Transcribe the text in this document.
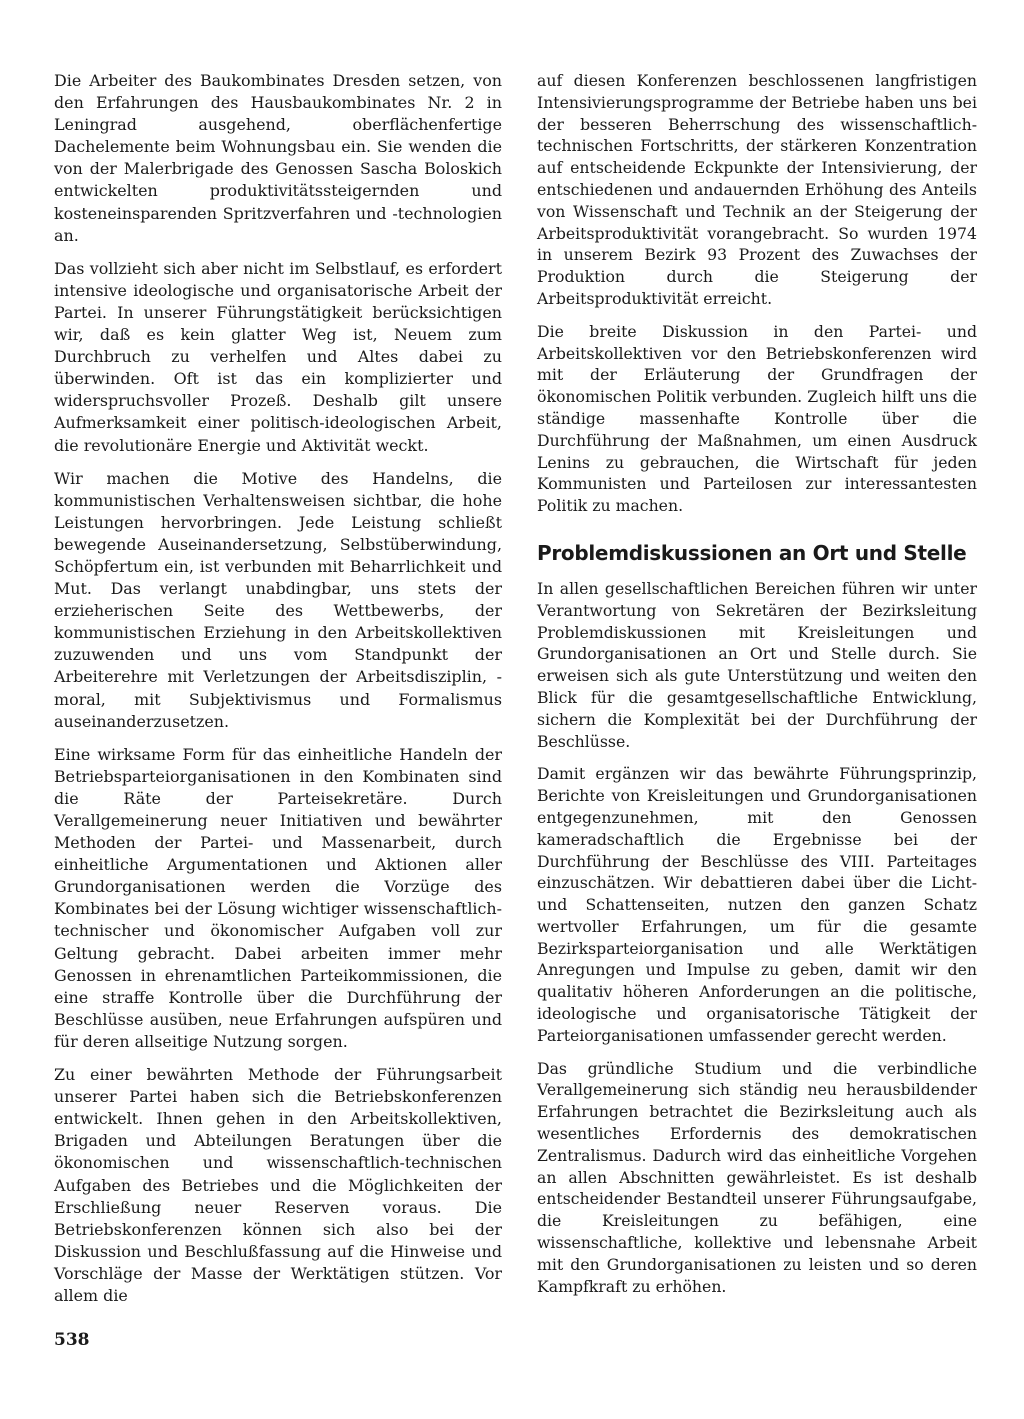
Die Arbeiter des Baukombinates Dresden setzen, von den Erfahrungen des Hausbaukombinates Nr. 2 in Leningrad ausgehend, oberflächenfertige Dachelemente beim Wohnungsbau ein. Sie wenden die von der Malerbrigade des Genossen Sascha Boloskich entwickelten produktivitätssteigernden und kosteneinsparenden Spritzverfahren und -technologien an.

Das vollzieht sich aber nicht im Selbstlauf, es erfordert intensive ideologische und organisatorische Arbeit der Partei. In unserer Führungstätigkeit berücksichtigen wir, daß es kein glatter Weg ist, Neuem zum Durchbruch zu verhelfen und Altes dabei zu überwinden. Oft ist das ein komplizierter und widerspruchsvoller Prozeß. Deshalb gilt unsere Aufmerksamkeit einer politisch-ideologischen Arbeit, die revolutionäre Energie und Aktivität weckt.

Wir machen die Motive des Handelns, die kommunistischen Verhaltensweisen sichtbar, die hohe Leistungen hervorbringen. Jede Leistung schließt bewegende Auseinandersetzung, Selbstüberwindung, Schöpfertum ein, ist verbunden mit Beharrlichkeit und Mut. Das verlangt unabdingbar, uns stets der erzieherischen Seite des Wettbewerbs, der kommunistischen Erziehung in den Arbeitskollektiven zuzuwenden und uns vom Standpunkt der Arbeiterehre mit Verletzungen der Arbeitsdisziplin, -moral, mit Subjektivismus und Formalismus auseinanderzusetzen.

Eine wirksame Form für das einheitliche Handeln der Betriebsparteiorganisationen in den Kombinaten sind die Räte der Parteisekretäre. Durch Verallgemeinerung neuer Initiativen und bewährter Methoden der Partei- und Massenarbeit, durch einheitliche Argumentationen und Aktionen aller Grundorganisationen werden die Vorzüge des Kombinates bei der Lösung wichtiger wissenschaftlich-technischer und ökonomischer Aufgaben voll zur Geltung gebracht. Dabei arbeiten immer mehr Genossen in ehrenamtlichen Parteikommissionen, die eine straffe Kontrolle über die Durchführung der Beschlüsse ausüben, neue Erfahrungen aufspüren und für deren allseitige Nutzung sorgen.

Zu einer bewährten Methode der Führungsarbeit unserer Partei haben sich die Betriebskonferenzen entwickelt. Ihnen gehen in den Arbeitskollektiven, Brigaden und Abteilungen Beratungen über die ökonomischen und wissenschaftlich-technischen Aufgaben des Betriebes und die Möglichkeiten der Erschließung neuer Reserven voraus. Die Betriebskonferenzen können sich also bei der Diskussion und Beschlußfassung auf die Hinweise und Vorschläge der Masse der Werktätigen stützen. Vor allem die

auf diesen Konferenzen beschlossenen langfristigen Intensivierungsprogramme der Betriebe haben uns bei der besseren Beherrschung des wissenschaftlich-technischen Fortschritts, der stärkeren Konzentration auf entscheidende Eckpunkte der Intensivierung, der entschiedenen und andauernden Erhöhung des Anteils von Wissenschaft und Technik an der Steigerung der Arbeitsproduktivität vorangebracht. So wurden 1974 in unserem Bezirk 93 Prozent des Zuwachses der Produktion durch die Steigerung der Arbeitsproduktivität erreicht.

Die breite Diskussion in den Partei- und Arbeitskollektiven vor den Betriebskonferenzen wird mit der Erläuterung der Grundfragen der ökonomischen Politik verbunden. Zugleich hilft uns die ständige massenhafte Kontrolle über die Durchführung der Maßnahmen, um einen Ausdruck Lenins zu gebrauchen, die Wirtschaft für jeden Kommunisten und Parteilosen zur interessantesten Politik zu machen.

Problemdiskussionen an Ort und Stelle

In allen gesellschaftlichen Bereichen führen wir unter Verantwortung von Sekretären der Bezirksleitung Problemdiskussionen mit Kreisleitungen und Grundorganisationen an Ort und Stelle durch. Sie erweisen sich als gute Unterstützung und weiten den Blick für die gesamtgesellschaftliche Entwicklung, sichern die Komplexität bei der Durchführung der Beschlüsse.

Damit ergänzen wir das bewährte Führungsprinzip, Berichte von Kreisleitungen und Grundorganisationen entgegenzunehmen, mit den Genossen kameradschaftlich die Ergebnisse bei der Durchführung der Beschlüsse des VIII. Parteitages einzuschätzen. Wir debattieren dabei über die Licht- und Schattenseiten, nutzen den ganzen Schatz wertvoller Erfahrungen, um für die gesamte Bezirksparteiorganisation und alle Werktätigen Anregungen und Impulse zu geben, damit wir den qualitativ höheren Anforderungen an die politische, ideologische und organisatorische Tätigkeit der Parteiorganisationen umfassender gerecht werden.

Das gründliche Studium und die verbindliche Verallgemeinerung sich ständig neu herausbildender Erfahrungen betrachtet die Bezirksleitung auch als wesentliches Erfordernis des demokratischen Zentralismus. Dadurch wird das einheitliche Vorgehen an allen Abschnitten gewährleistet. Es ist deshalb entscheidender Bestandteil unserer Führungsaufgabe, die Kreisleitungen zu befähigen, eine wissenschaftliche, kollektive und lebensnahe Arbeit mit den Grundorganisationen zu leisten und so deren Kampfkraft zu erhöhen.

538
